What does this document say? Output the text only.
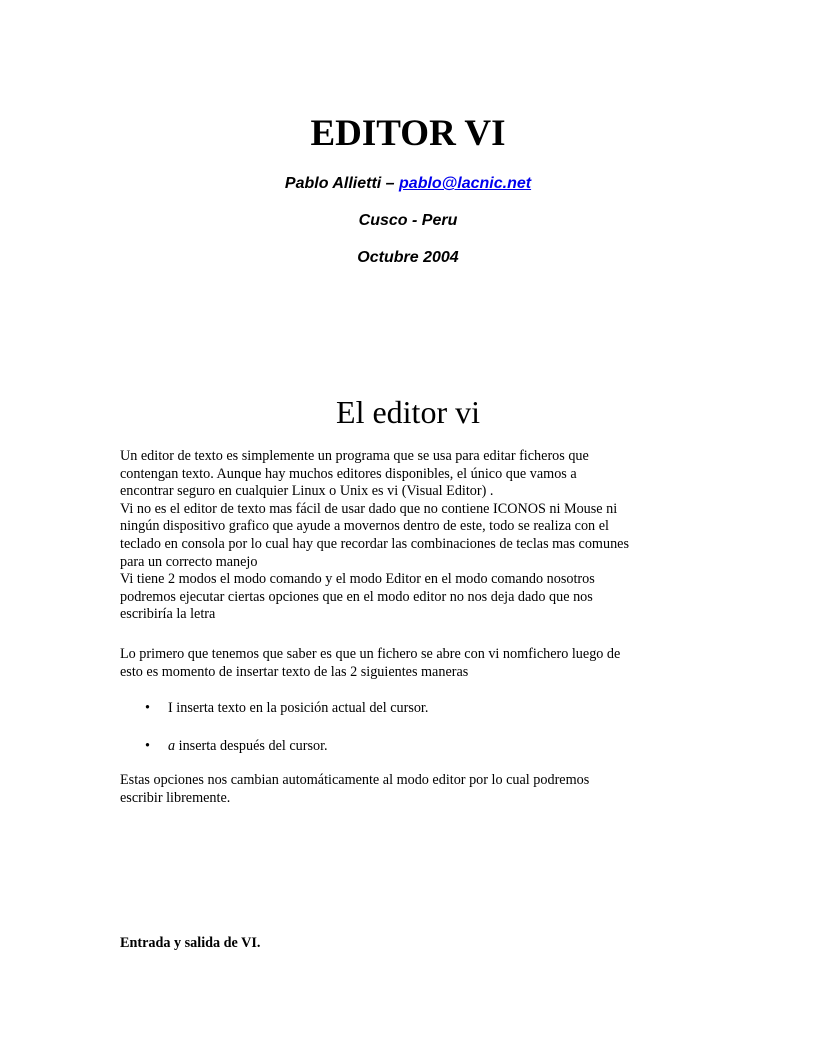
EDITOR VI
Pablo Allietti – pablo@lacnic.net
Cusco - Peru
Octubre 2004
El editor vi
Un editor de texto es simplemente un programa que se usa para editar ficheros que
contengan texto. Aunque hay muchos editores disponibles, el único que vamos a
encontrar seguro en cualquier Linux o Unix es vi (Visual Editor) .
Vi no es el editor de texto mas fácil de usar dado que no contiene ICONOS ni Mouse ni
ningún dispositivo grafico que ayude a movernos dentro de este, todo se realiza con el
teclado en consola por lo cual hay que recordar las combinaciones de teclas mas comunes
para un correcto manejo
Vi tiene 2 modos el modo comando y el modo Editor en el modo comando nosotros
podremos ejecutar ciertas opciones que en el modo editor no nos deja dado que nos
escribiría la letra
Lo primero que tenemos que saber es que un fichero se abre con vi nomfichero luego de
esto es momento de insertar texto de las 2 siguientes maneras
• I inserta texto en la posición actual del cursor.
• a inserta después del cursor.
Estas opciones nos cambian automáticamente al modo editor por lo cual podremos
escribir libremente.
Entrada y salida de VI.
